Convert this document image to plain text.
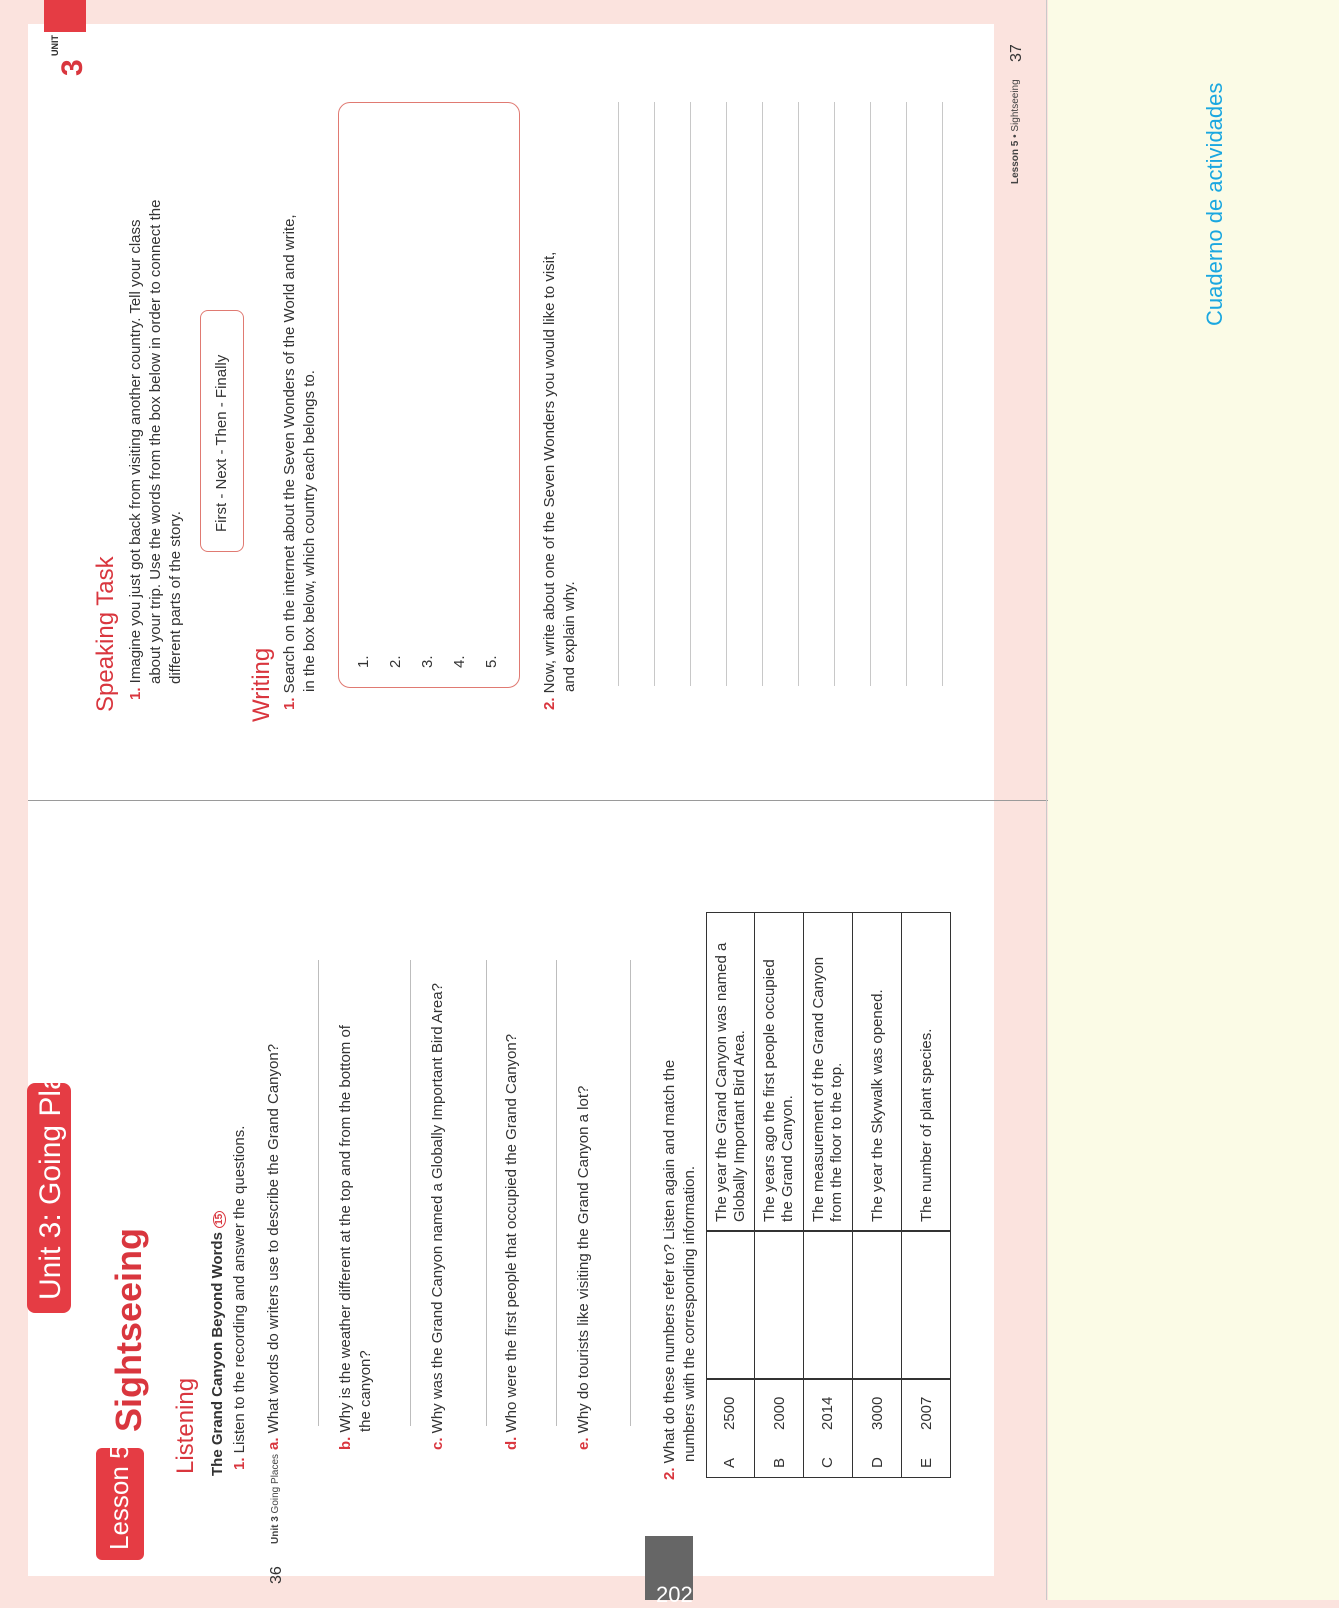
Cuaderno de actividades
202
Unit 3: Going Places
Lesson 5
Sightseeing Listening The Grand Canyon Beyond Words 15
1. Listen to the recording and answer the questions. a. What words do writers use to describe the Grand Canyon?
b. Why is the weather different at the top and from the bottom of the canyon?
c. Why was the Grand Canyon named a Globally Important Bird Area?
d. Who were the first people that occupied the Grand Canyon?
e. Why do tourists like visiting the Grand Canyon a lot?
2. What do these numbers refer to? Listen again and match the numbers with the corresponding information.
A
2500
The year the Grand Canyon was named a Globally Important Bird Area.
B
2000
The years ago the first people occupied the Grand Canyon.
C
2014
The measurement of the Grand Canyon from the floor to the top.
D
3000
The year the Skywalk was opened.
E
2007
The number of plant species.
36
Unit 3 Going Places
UNIT
3
Speaking Task 1. Imagine you just got back from visiting another country. Tell your class about your trip. Use the words from the box below in order to connect the different parts of the story.
First - Next - Then - Finally
Writing 1. Search on the internet about the Seven Wonders of the World and write, in the box below, which country each belongs to. 1. 2. 3. 4. 5.
2. Now, write about one of the Seven Wonders you would like to visit, and explain why.
Lesson 5 • Sightseeing
37
